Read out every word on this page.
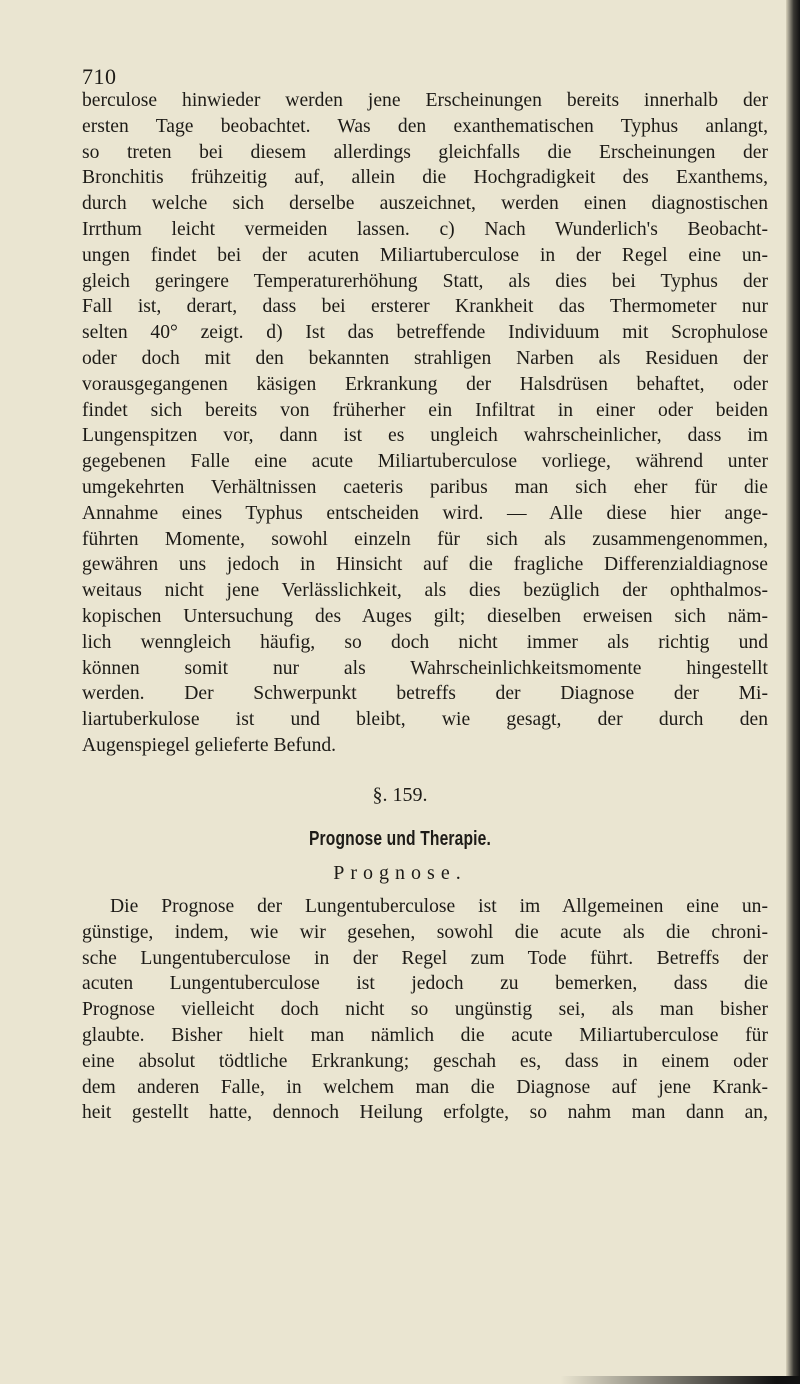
710
berculose hinwieder werden jene Erscheinungen bereits innerhalb der
ersten Tage beobachtet. Was den exanthematischen Typhus anlangt,
so treten bei diesem allerdings gleichfalls die Erscheinungen der
Bronchitis frühzeitig auf, allein die Hochgradigkeit des Exanthems,
durch welche sich derselbe auszeichnet, werden einen diagnostischen
Irrthum leicht vermeiden lassen. c) Nach Wunderlich's Beobacht-
ungen findet bei der acuten Miliartuberculose in der Regel eine un-
gleich geringere Temperaturerhöhung Statt, als dies bei Typhus der
Fall ist, derart, dass bei ersterer Krankheit das Thermometer nur
selten 40° zeigt. d) Ist das betreffende Individuum mit Scrophulose
oder doch mit den bekannten strahligen Narben als Residuen der
vorausgegangenen käsigen Erkrankung der Halsdrüsen behaftet, oder
findet sich bereits von früherher ein Infiltrat in einer oder beiden
Lungenspitzen vor, dann ist es ungleich wahrscheinlicher, dass im
gegebenen Falle eine acute Miliartuberculose vorliege, während unter
umgekehrten Verhältnissen caeteris paribus man sich eher für die
Annahme eines Typhus entscheiden wird. — Alle diese hier ange-
führten Momente, sowohl einzeln für sich als zusammengenommen,
gewähren uns jedoch in Hinsicht auf die fragliche Differenzialdiagnose
weitaus nicht jene Verlässlichkeit, als dies bezüglich der ophthalmos-
kopischen Untersuchung des Auges gilt; dieselben erweisen sich näm-
lich wenngleich häufig, so doch nicht immer als richtig und
können somit nur als Wahrscheinlichkeitsmomente hingestellt
werden. Der Schwerpunkt betreffs der Diagnose der Mi-
liartuberkulose ist und bleibt, wie gesagt, der durch den
Augenspiegel gelieferte Befund.
§. 159.
Prognose und Therapie.
Prognose.
Die Prognose der Lungentuberculose ist im Allgemeinen eine un-
günstige, indem, wie wir gesehen, sowohl die acute als die chroni-
sche Lungentuberculose in der Regel zum Tode führt. Betreffs der
acuten Lungentuberculose ist jedoch zu bemerken, dass die
Prognose vielleicht doch nicht so ungünstig sei, als man bisher
glaubte. Bisher hielt man nämlich die acute Miliartuberculose für
eine absolut tödtliche Erkrankung; geschah es, dass in einem oder
dem anderen Falle, in welchem man die Diagnose auf jene Krank-
heit gestellt hatte, dennoch Heilung erfolgte, so nahm man dann an,
